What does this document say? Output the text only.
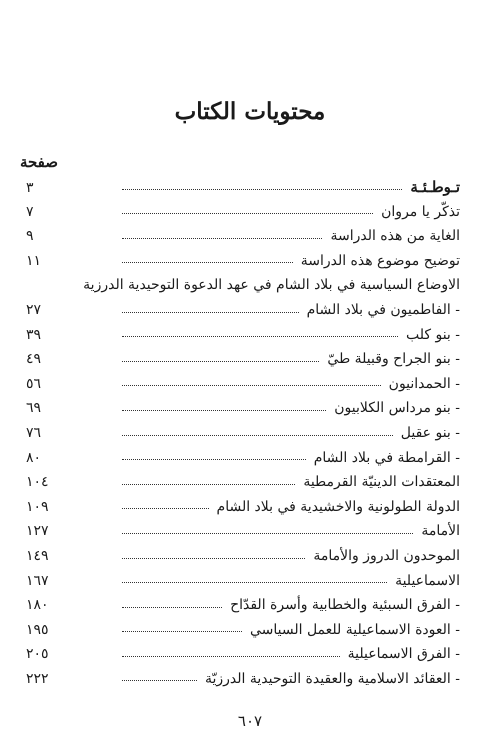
محتويات الكتاب
صفحة
تـوطـئـة
٣
تذكّر يا مروان
٧
الغاية من هذه الدراسة
٩
توضيح موضوع هذه الدراسة
١١
الاوضاع السياسية في بلاد الشام في عهد الدعوة التوحيدية الدرزية
- الفاطميون في بلاد الشام
٢٧
- بنو كلب
٣٩
- بنو الجراح وقبيلة طيّ
٤٩
- الحمدانيون
٥٦
- بنو مرداس الكلابيون
٦٩
- بنو عقيل
٧٦
- القرامطة في بلاد الشام
٨٠
المعتقدات الدينيّة القرمطية
١٠٤
الدولة الطولونية والاخشيدية في بلاد الشام
١٠٩
الأمامة
١٢٧
الموحدون الدروز والأمامة
١٤٩
الاسماعيلية
١٦٧
- الفرق السبئية والخطابية وأسرة القدّاح
١٨٠
- العودة الاسماعيلية للعمل السياسي
١٩٥
- الفرق الاسماعيلية
٢٠٥
- العقائد الاسلامية والعقيدة التوحيدية الدرزيّة
٢٢٢
٦٠٧
